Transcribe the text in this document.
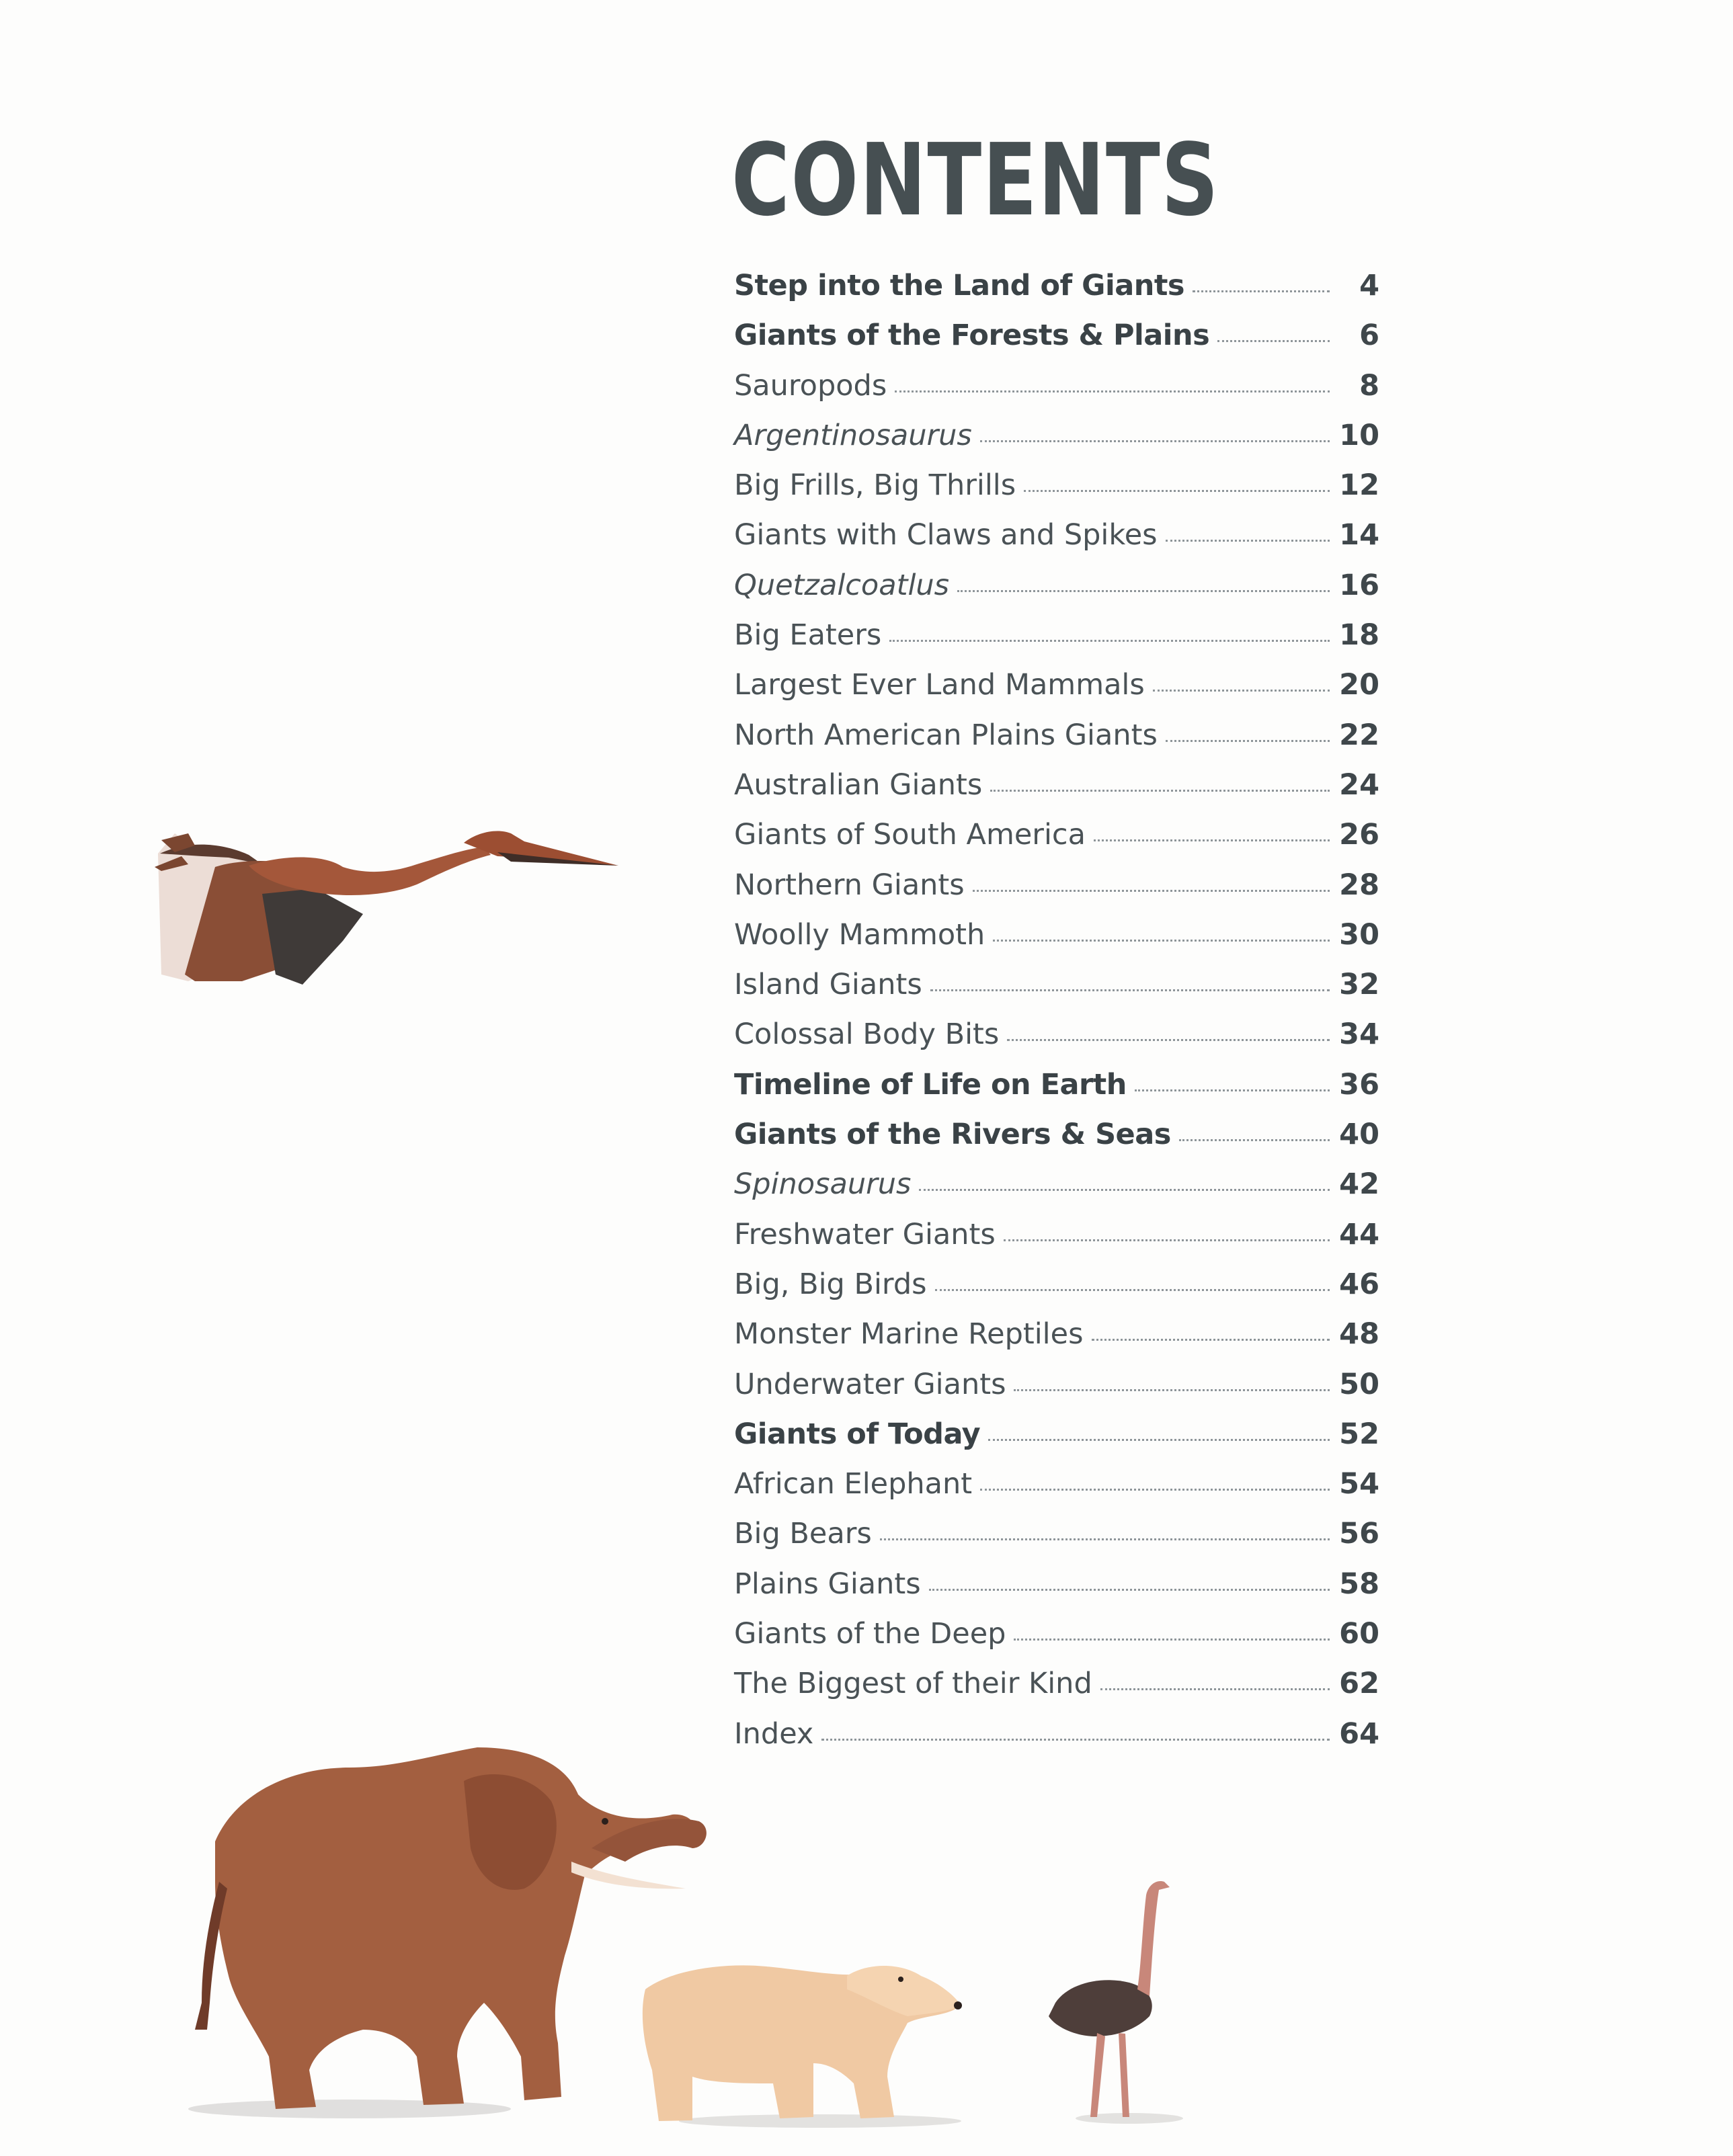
CONTENTS
Step into the Land of Giants	4
Giants of the Forests & Plains	6
Sauropods	8
Argentinosaurus	10
Big Frills, Big Thrills	12
Giants with Claws and Spikes	14
Quetzalcoatlus	16
Big Eaters	18
Largest Ever Land Mammals	20
North American Plains Giants	22
Australian Giants	24
Giants of South America	26
Northern Giants	28
Woolly Mammoth	30
Island Giants	32
Colossal Body Bits	34
Timeline of Life on Earth	36
Giants of the Rivers & Seas	40
Spinosaurus	42
Freshwater Giants	44
Big, Big Birds	46
Monster Marine Reptiles	48
Underwater Giants	50
Giants of Today	52
African Elephant	54
Big Bears	56
Plains Giants	58
Giants of the Deep	60
The Biggest of their Kind	62
Index	64
